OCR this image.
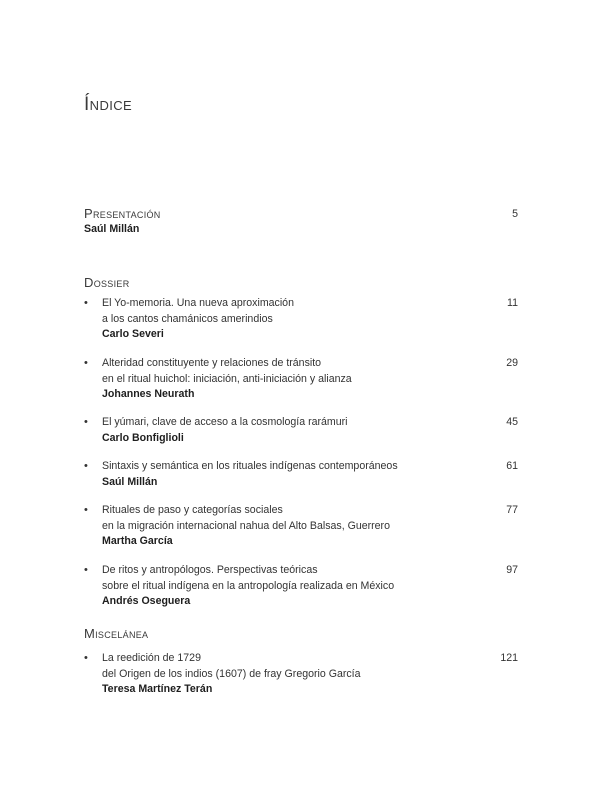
Índice
Presentación
Saúl Millán
5
Dossier
• El Yo-memoria. Una nueva aproximación
a los cantos chamánicos amerindios
Carlo Severi
11
• Alteridad constituyente y relaciones de tránsito
en el ritual huichol: iniciación, anti-iniciación y alianza
Johannes Neurath
29
• El yúmari, clave de acceso a la cosmología rarámuri
Carlo Bonfiglioli
45
• Sintaxis y semántica en los rituales indígenas contemporáneos
Saúl Millán
61
• Rituales de paso y categorías sociales
en la migración internacional nahua del Alto Balsas, Guerrero
Martha García
77
• De ritos y antropólogos. Perspectivas teóricas
sobre el ritual indígena en la antropología realizada en México
Andrés Oseguera
97
Miscelánea
• La reedición de 1729
del Origen de los indios (1607) de fray Gregorio García
Teresa Martínez Terán
121
